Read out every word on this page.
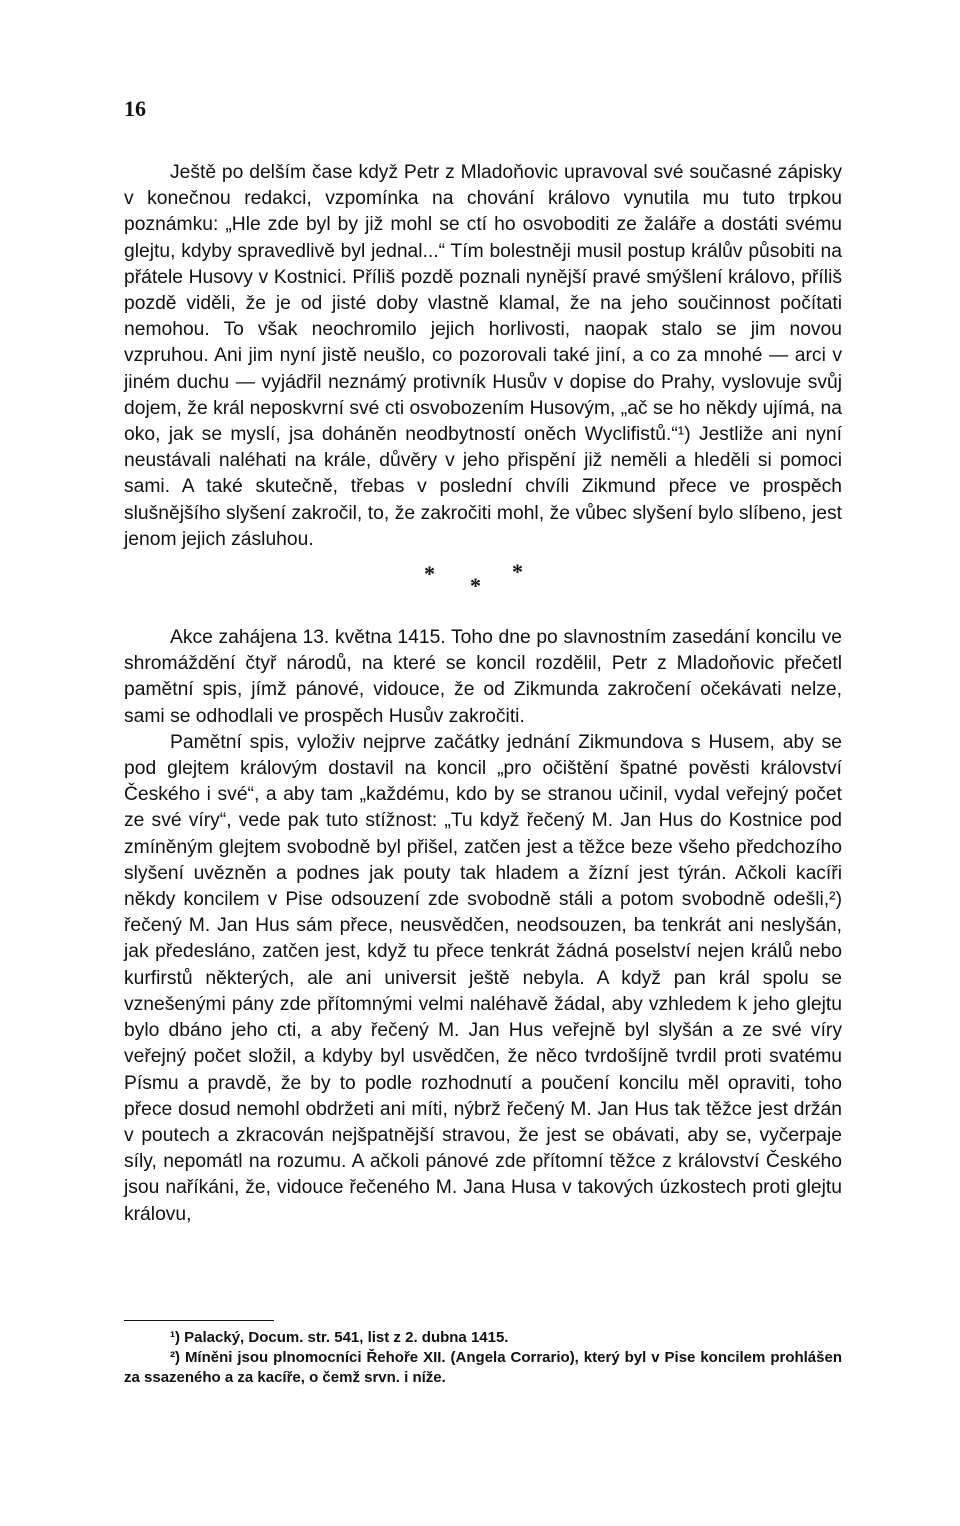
16

Ještě po delším čase když Petr z Mladoňovic upravoval své současné zápisky v konečnou redakci, vzpomínka na chování královo vynutila mu tuto trpkou poznámku: „Hle zde byl by již mohl se ctí ho osvoboditi ze žaláře a dostáti svému glejtu, kdyby spravedlivě byl jednal...“ Tím bolestněji musil postup králův působiti na přátele Husovy v Kostnici. Příliš pozdě poznali nynější pravé smýšlení královo, příliš pozdě viděli, že je od jisté doby vlastně klamal, že na jeho součinnost počítati nemohou. To však neochromilo jejich horlivosti, naopak stalo se jim novou vzpruhou. Ani jim nyní jistě neušlo, co pozorovali také jiní, a co za mnohé — arci v jiném duchu — vyjádřil neznámý protivník Husův v dopise do Prahy, vyslovuje svůj dojem, že král neposkvrní své cti osvobozením Husovým, „ač se ho někdy ujímá, na oko, jak se myslí, jsa doháněn neodbytností oněch Wyclifistů.“¹) Jestliže ani nyní neustávali naléhati na krále, důvěry v jeho přispění již neměli a hleděli si pomoci sami. A také skutečně, třebas v poslední chvíli Zikmund přece ve prospěch slušnějšího slyšení zakročil, to, že zakročiti mohl, že vůbec slyšení bylo slíbeno, jest jenom jejich zásluhou.

* *
*

Akce zahájena 13. května 1415. Toho dne po slavnostním zasedání koncilu ve shromáždění čtyř národů, na které se koncil rozdělil, Petr z Mladoňovic přečetl pamětní spis, jímž pánové, vidouce, že od Zikmunda zakročení očekávati nelze, sami se odhodlali ve prospěch Husův zakročiti.

Pamětní spis, vyloživ nejprve začátky jednání Zikmundova s Husem, aby se pod glejtem královým dostavil na koncil „pro očištění špatné pověsti království Českého i své“, a aby tam „každému, kdo by se stranou učinil, vydal veřejný počet ze své víry“, vede pak tuto stížnost: „Tu když řečený M. Jan Hus do Kostnice pod zmíněným glejtem svobodně byl přišel, zatčen jest a těžce beze všeho předchozího slyšení uvězněn a podnes jak pouty tak hladem a žízní jest týrán. Ačkoli kacíři někdy koncilem v Pise odsouzení zde svobodně stáli a potom svobodně odešli,²) řečený M. Jan Hus sám přece, neusvědčen, neodsouzen, ba tenkrát ani neslyšán, jak předesláno, zatčen jest, když tu přece tenkrát žádná poselství nejen králů nebo kurfirstů některých, ale ani universit ještě nebyla. A když pan král spolu se vznešenými pány zde přítomnými velmi naléhavě žádal, aby vzhledem k jeho glejtu bylo dbáno jeho cti, a aby řečený M. Jan Hus veřejně byl slyšán a ze své víry veřejný počet složil, a kdyby byl usvědčen, že něco tvrdošíjně tvrdil proti svatému Písmu a pravdě, že by to podle rozhodnutí a poučení koncilu měl opraviti, toho přece dosud nemohl obdržeti ani míti, nýbrž řečený M. Jan Hus tak těžce jest držán v poutech a zkracován nejšpatnější stravou, že jest se obávati, aby se, vyčerpaje síly, nepomátl na rozumu. A ačkoli pánové zde přítomní těžce z království Českého jsou naříkáni, že, vidouce řečeného M. Jana Husa v takových úzkostech proti glejtu královu,

¹) Palacký, Docum. str. 541, list z 2. dubna 1415.

²) Míněni jsou plnomocníci Řehoře XII. (Angela Corrario), který byl v Pise koncilem prohlášen za ssazeného a za kacíře, o čemž srvn. i níže.
